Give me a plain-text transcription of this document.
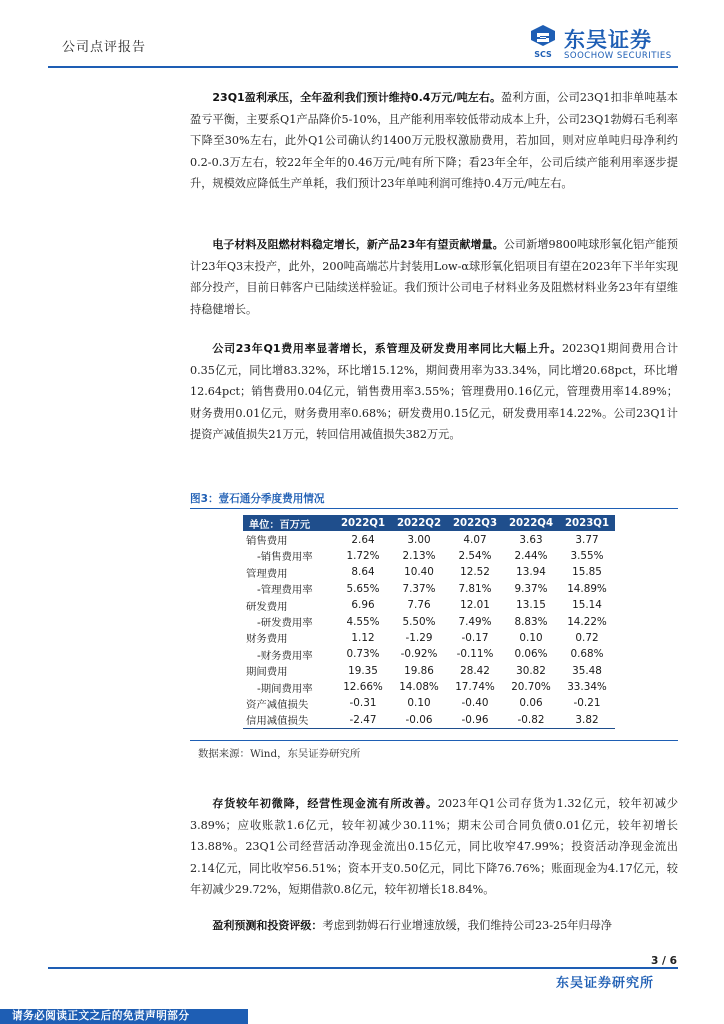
公司点评报告	SCS
东吴证券
SOOCHOW SECURITIES

23Q1盈利承压，全年盈利我们预计维持0.4万元/吨左右。盈利方面，公司23Q1扣非单吨基本盈亏平衡，主要系Q1产品降价5-10%，且产能利用率较低带动成本上升，公司23Q1勃姆石毛利率下降至30%左右，此外Q1公司确认约1400万元股权激励费用，若加回，则对应单吨归母净利约0.2-0.3万左右，较22年全年的0.46万元/吨有所下降；看23年全年，公司后续产能利用率逐步提升，规模效应降低生产单耗，我们预计23年单吨利润可维持0.4万元/吨左右。

电子材料及阻燃材料稳定增长，新产品23年有望贡献增量。公司新增9800吨球形氧化铝产能预计23年Q3末投产，此外，200吨高端芯片封装用Low-α球形氧化铝项目有望在2023年下半年实现部分投产，目前日韩客户已陆续送样验证。我们预计公司电子材料业务及阻燃材料业务23年有望维持稳健增长。

公司23年Q1费用率显著增长，系管理及研发费用率同比大幅上升。2023Q1期间费用合计0.35亿元，同比增83.32%，环比增15.12%，期间费用率为33.34%，同比增20.68pct，环比增12.64pct；销售费用0.04亿元，销售费用率3.55%；管理费用0.16亿元，管理费用率14.89%；财务费用0.01亿元，财务费用率0.68%；研发费用0.15亿元，研发费用率14.22%。公司23Q1计提资产减值损失21万元，转回信用减值损失382万元。

图3：壹石通分季度费用情况
单位：百万元	2022Q1	2022Q2	2022Q3	2022Q4	2023Q1
销售费用	2.64	3.00	4.07	3.63	3.77
-销售费用率	1.72%	2.13%	2.54%	2.44%	3.55%
管理费用	8.64	10.40	12.52	13.94	15.85
-管理费用率	5.65%	7.37%	7.81%	9.37%	14.89%
研发费用	6.96	7.76	12.01	13.15	15.14
-研发费用率	4.55%	5.50%	7.49%	8.83%	14.22%
财务费用	1.12	-1.29	-0.17	0.10	0.72
-财务费用率	0.73%	-0.92%	-0.11%	0.06%	0.68%
期间费用	19.35	19.86	28.42	30.82	35.48
-期间费用率	12.66%	14.08%	17.74%	20.70%	33.34%
资产减值损失	-0.31	0.10	-0.40	0.06	-0.21
信用减值损失	-2.47	-0.06	-0.96	-0.82	3.82
数据来源：Wind，东吴证券研究所

存货较年初微降，经营性现金流有所改善。2023年Q1公司存货为1.32亿元，较年初减少3.89%；应收账款1.6亿元，较年初减少30.11%；期末公司合同负债0.01亿元，较年初增长13.88%。23Q1公司经营活动净现金流出0.15亿元，同比收窄47.99%；投资活动净现金流出2.14亿元，同比收窄56.51%；资本开支0.50亿元，同比下降76.76%；账面现金为4.17亿元，较年初减少29.72%，短期借款0.8亿元，较年初增长18.84%。

盈利预测和投资评级：考虑到勃姆石行业增速放缓，我们维持公司23-25年归母净

3 / 6
东吴证券研究所
请务必阅读正文之后的免责声明部分
